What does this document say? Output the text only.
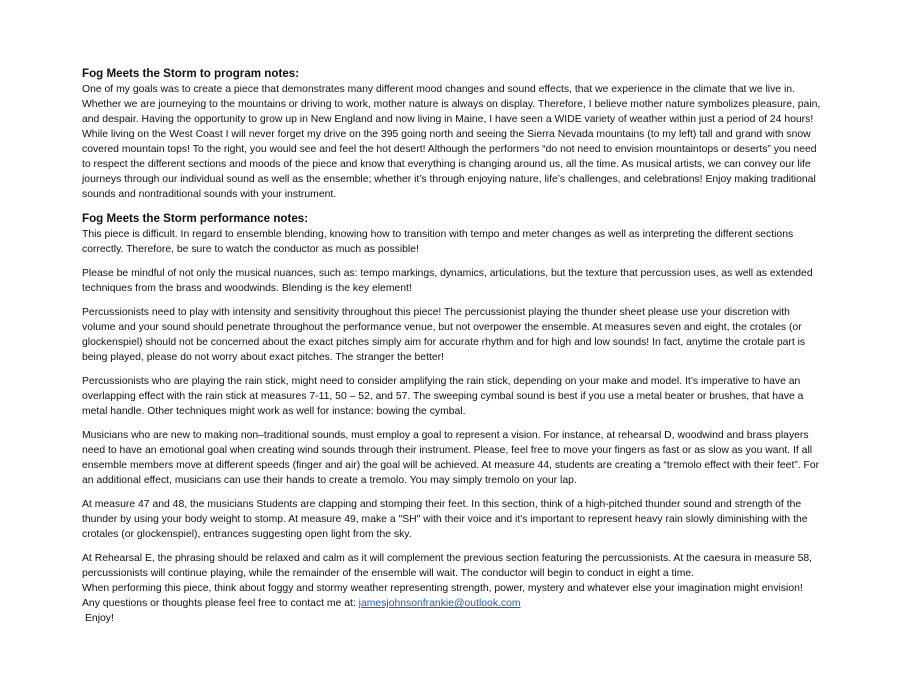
Fog Meets the Storm to program notes:

One of my goals was to create a piece that demonstrates many different mood changes and sound effects, that we experience in the climate that we live in. Whether we are journeying to the mountains or driving to work, mother nature is always on display. Therefore, I believe mother nature symbolizes pleasure, pain, and despair. Having the opportunity to grow up in New England and now living in Maine, I have seen a WIDE variety of weather within just a period of 24 hours! While living on the West Coast I will never forget my drive on the 395 going north and seeing the Sierra Nevada mountains (to my left) tall and grand with snow covered mountain tops! To the right, you would see and feel the hot desert! Although the performers “do not need to envision mountaintops or deserts” you need to respect the different sections and moods of the piece and know that everything is changing around us, all the time. As musical artists, we can convey our life journeys through our individual sound as well as the ensemble; whether it’s through enjoying nature, life’s challenges, and celebrations! Enjoy making traditional sounds and nontraditional sounds with your instrument.

Fog Meets the Storm performance notes:

This piece is difficult. In regard to ensemble blending, knowing how to transition with tempo and meter changes as well as interpreting the different sections correctly. Therefore, be sure to watch the conductor as much as possible!

Please be mindful of not only the musical nuances, such as: tempo markings, dynamics, articulations, but the texture that percussion uses, as well as extended techniques from the brass and woodwinds. Blending is the key element!

Percussionists need to play with intensity and sensitivity throughout this piece! The percussionist playing the thunder sheet please use your discretion with volume and your sound should penetrate throughout the performance venue, but not overpower the ensemble. At measures seven and eight, the crotales (or glockenspiel) should not be concerned about the exact pitches simply aim for accurate rhythm and for high and low sounds! In fact, anytime the crotale part is being played, please do not worry about exact pitches. The stranger the better!

Percussionists who are playing the rain stick, might need to consider amplifying the rain stick, depending on your make and model. It’s imperative to have an overlapping effect with the rain stick at measures 7-11, 50 – 52, and 57. The sweeping cymbal sound is best if you use a metal beater or brushes, that have a metal handle. Other techniques might work as well for instance: bowing the cymbal.

Musicians who are new to making non–traditional sounds, must employ a goal to represent a vision. For instance, at rehearsal D, woodwind and brass players need to have an emotional goal when creating wind sounds through their instrument. Please, feel free to move your fingers as fast or as slow as you want. If all ensemble members move at different speeds (finger and air) the goal will be achieved. At measure 44, students are creating a “tremolo effect with their feet”. For an additional effect, musicians can use their hands to create a tremolo. You may simply tremolo on your lap.

At measure 47 and 48, the musicians Students are clapping and stomping their feet. In this section, think of a high-pitched thunder sound and strength of the thunder by using your body weight to stomp. At measure 49, make a "SH" with their voice and it's important to represent heavy rain slowly diminishing with the crotales (or glockenspiel), entrances suggesting open light from the sky.

At Rehearsal E, the phrasing should be relaxed and calm as it will complement the previous section featuring the percussionists. At the caesura in measure 58, percussionists will continue playing, while the remainder of the ensemble will wait. The conductor will begin to conduct in eight a time.

When performing this piece, think about foggy and stormy weather representing strength, power, mystery and whatever else your imagination might envision!

Any questions or thoughts please feel free to contact me at: jamesjohnsonfrankie@outlook.com

Enjoy!
